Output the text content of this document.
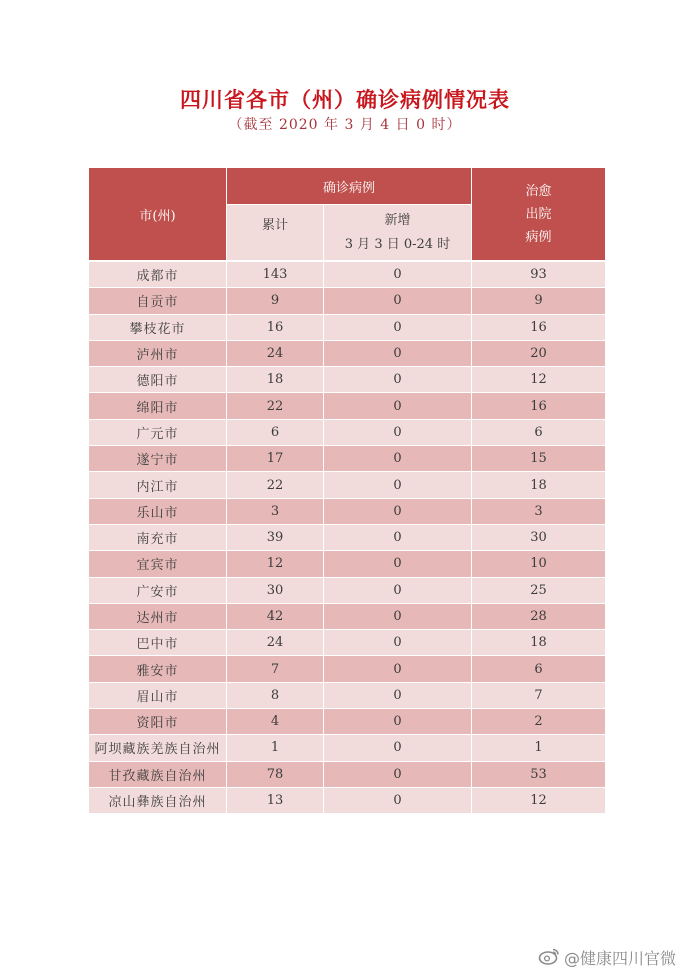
四川省各市（州）确诊病例情况表
（截至 2020 年 3 月 4 日 0 时）
市(州)
确诊病例
累计	新增
3 月 3 日 0-24 时
治愈
出院
病例
成都市	143	0	93
自贡市	9	0	9
攀枝花市	16	0	16
泸州市	24	0	20
德阳市	18	0	12
绵阳市	22	0	16
广元市	6	0	6
遂宁市	17	0	15
内江市	22	0	18
乐山市	3	0	3
南充市	39	0	30
宜宾市	12	0	10
广安市	30	0	25
达州市	42	0	28
巴中市	24	0	18
雅安市	7	0	6
眉山市	8	0	7
资阳市	4	0	2
阿坝藏族羌族自治州	1	0	1
甘孜藏族自治州	78	0	53
凉山彝族自治州	13	0	12
@健康四川官微
